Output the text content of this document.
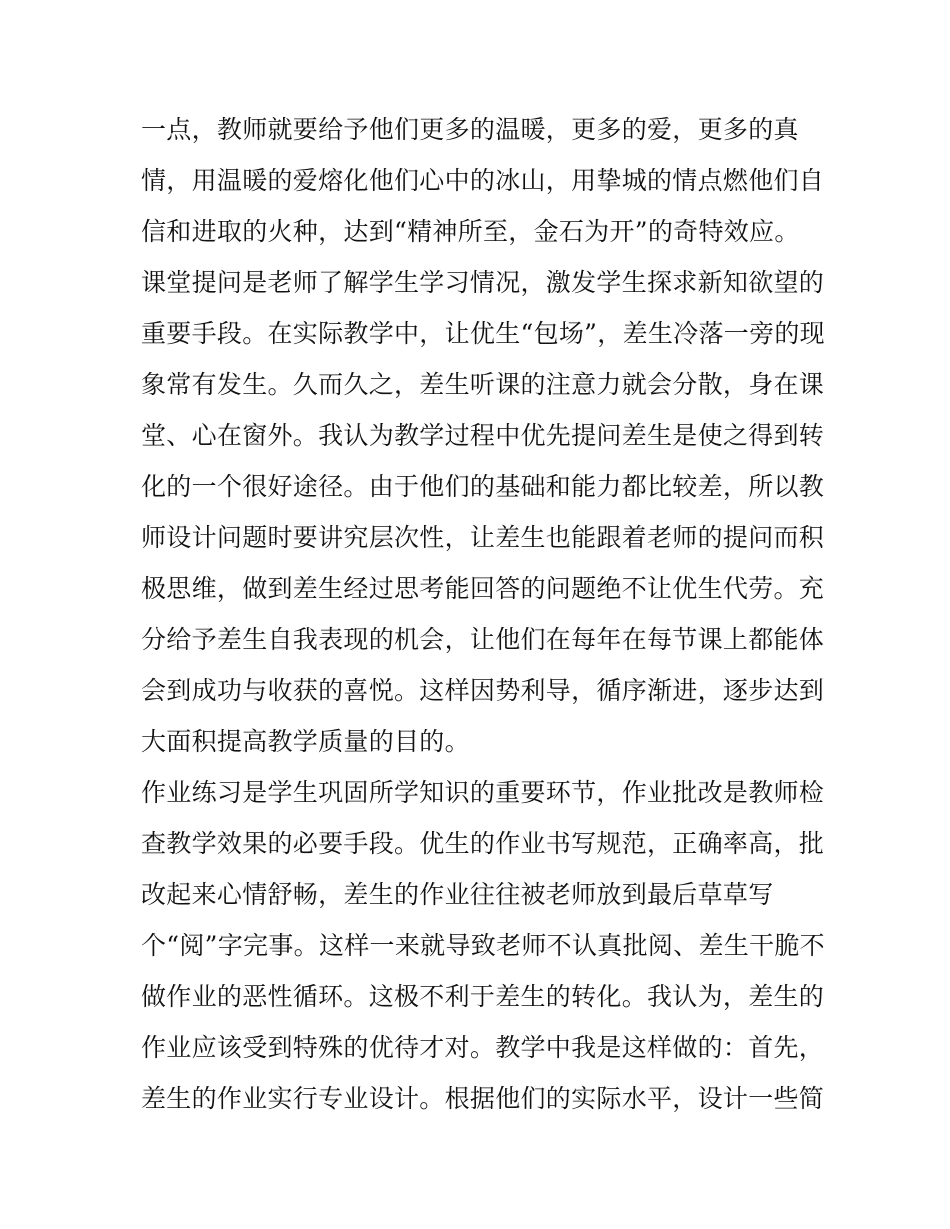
一点，教师就要给予他们更多的温暖，更多的爱，更多的真
情，用温暖的爱熔化他们心中的冰山，用挚城的情点燃他们自
信和进取的火种，达到“精神所至，金石为开”的奇特效应。
课堂提问是老师了解学生学习情况，激发学生探求新知欲望的
重要手段。在实际教学中，让优生“包场”，差生冷落一旁的现
象常有发生。久而久之，差生听课的注意力就会分散，身在课
堂、心在窗外。我认为教学过程中优先提问差生是使之得到转
化的一个很好途径。由于他们的基础和能力都比较差，所以教
师设计问题时要讲究层次性，让差生也能跟着老师的提问而积
极思维，做到差生经过思考能回答的问题绝不让优生代劳。充
分给予差生自我表现的机会，让他们在每年在每节课上都能体
会到成功与收获的喜悦。这样因势利导，循序渐进，逐步达到
大面积提高教学质量的目的。
作业练习是学生巩固所学知识的重要环节，作业批改是教师检
查教学效果的必要手段。优生的作业书写规范，正确率高，批
改起来心情舒畅，差生的作业往往被老师放到最后草草写
个“阅”字完事。这样一来就导致老师不认真批阅、差生干脆不
做作业的恶性循环。这极不利于差生的转化。我认为，差生的
作业应该受到特殊的优待才对。教学中我是这样做的：首先，
差生的作业实行专业设计。根据他们的实际水平，设计一些简
